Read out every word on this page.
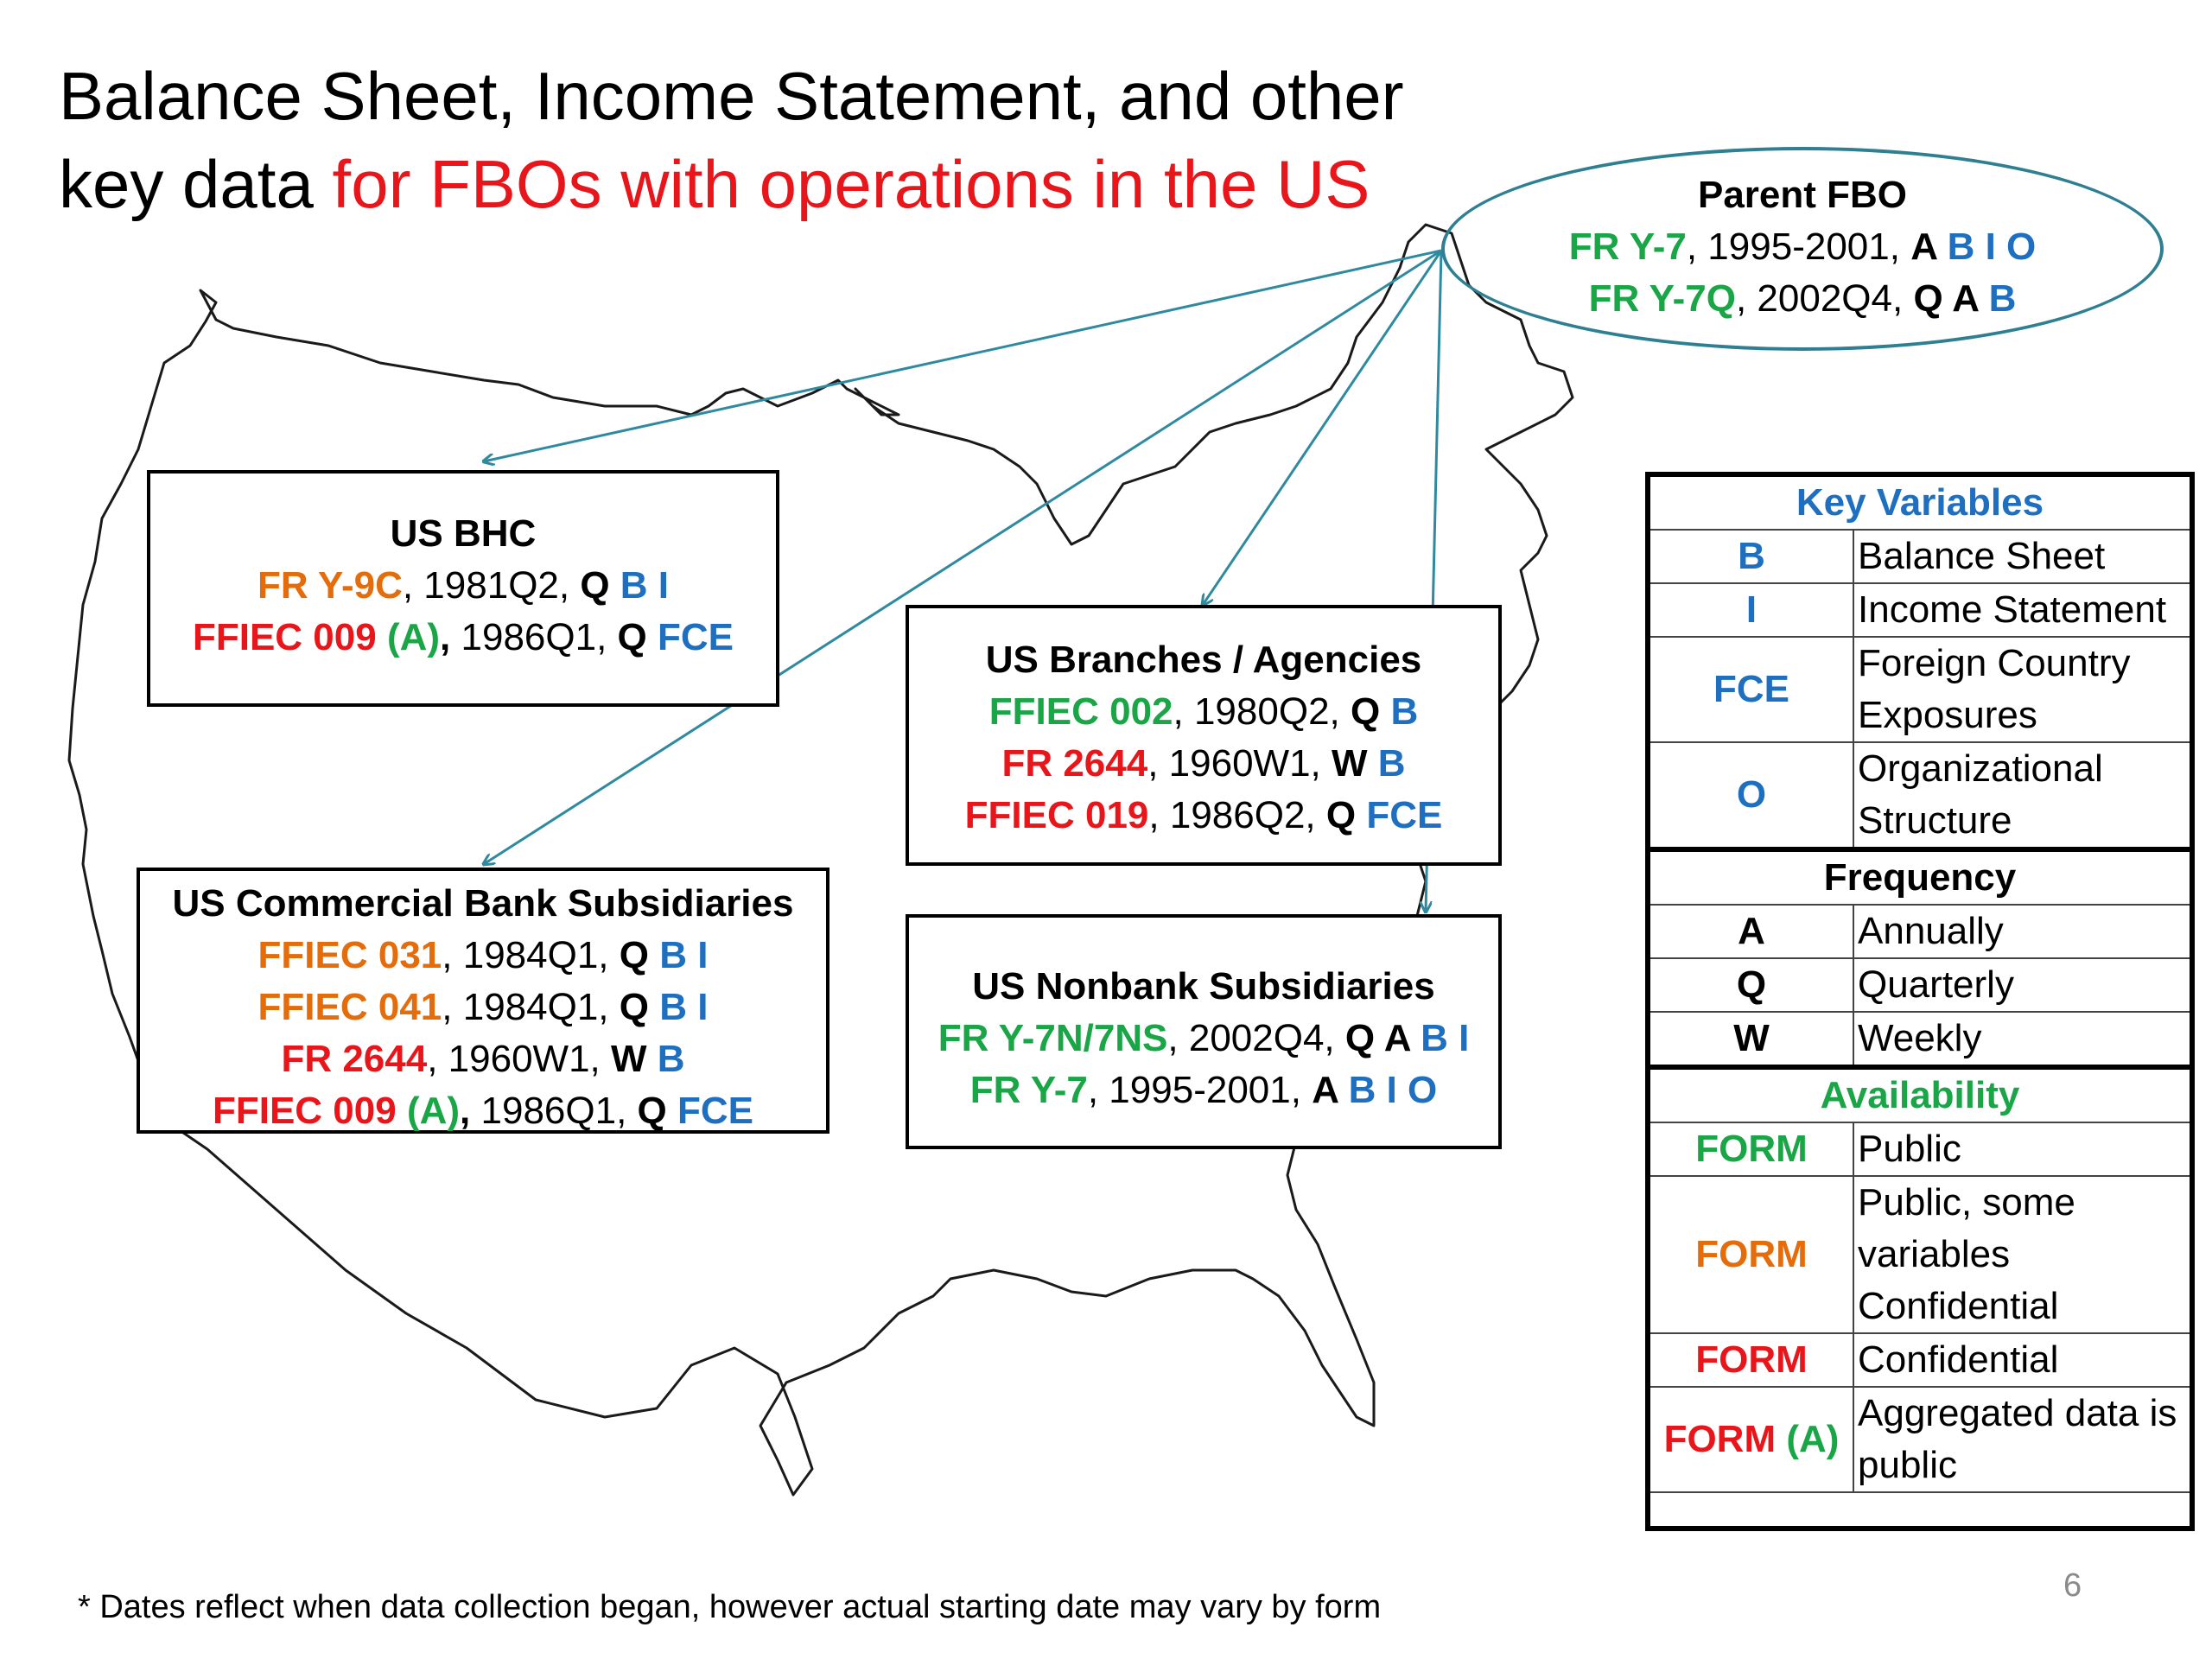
Balance Sheet, Income Statement, and other
key data for FBOs with operations in the US	Parent FBO
FR Y-7, 1995-2001, A B I O
FR Y-7Q, 2002Q4, Q A B
US BHC
FR Y-9C, 1981Q2, Q B I
FFIEC 009 (A), 1986Q1, Q FCE
US Branches / Agencies
FFIEC 002, 1980Q2, Q B
FR 2644, 1960W1, W B
FFIEC 019, 1986Q2, Q FCE
US Commercial Bank Subsidiaries
FFIEC 031, 1984Q1, Q B I
FFIEC 041, 1984Q1, Q B I
FR 2644, 1960W1, W B
FFIEC 009 (A), 1986Q1, Q FCE
US Nonbank Subsidiaries
FR Y-7N/7NS, 2002Q4, Q A B I
FR Y-7, 1995-2001, A B I O
Key Variables	
B	Balance Sheet
I	Income Statement
FCE	Foreign Country Exposures
O	Organizational Structure
Frequency	
A	Annually
Q	Quarterly
W	Weekly
Availability	
FORM	Public
FORM	Public, some variables Confidential
FORM	Confidential
FORM (A)	Aggregated data is public
* Dates reflect when data collection began, however actual starting date may vary by form
6
